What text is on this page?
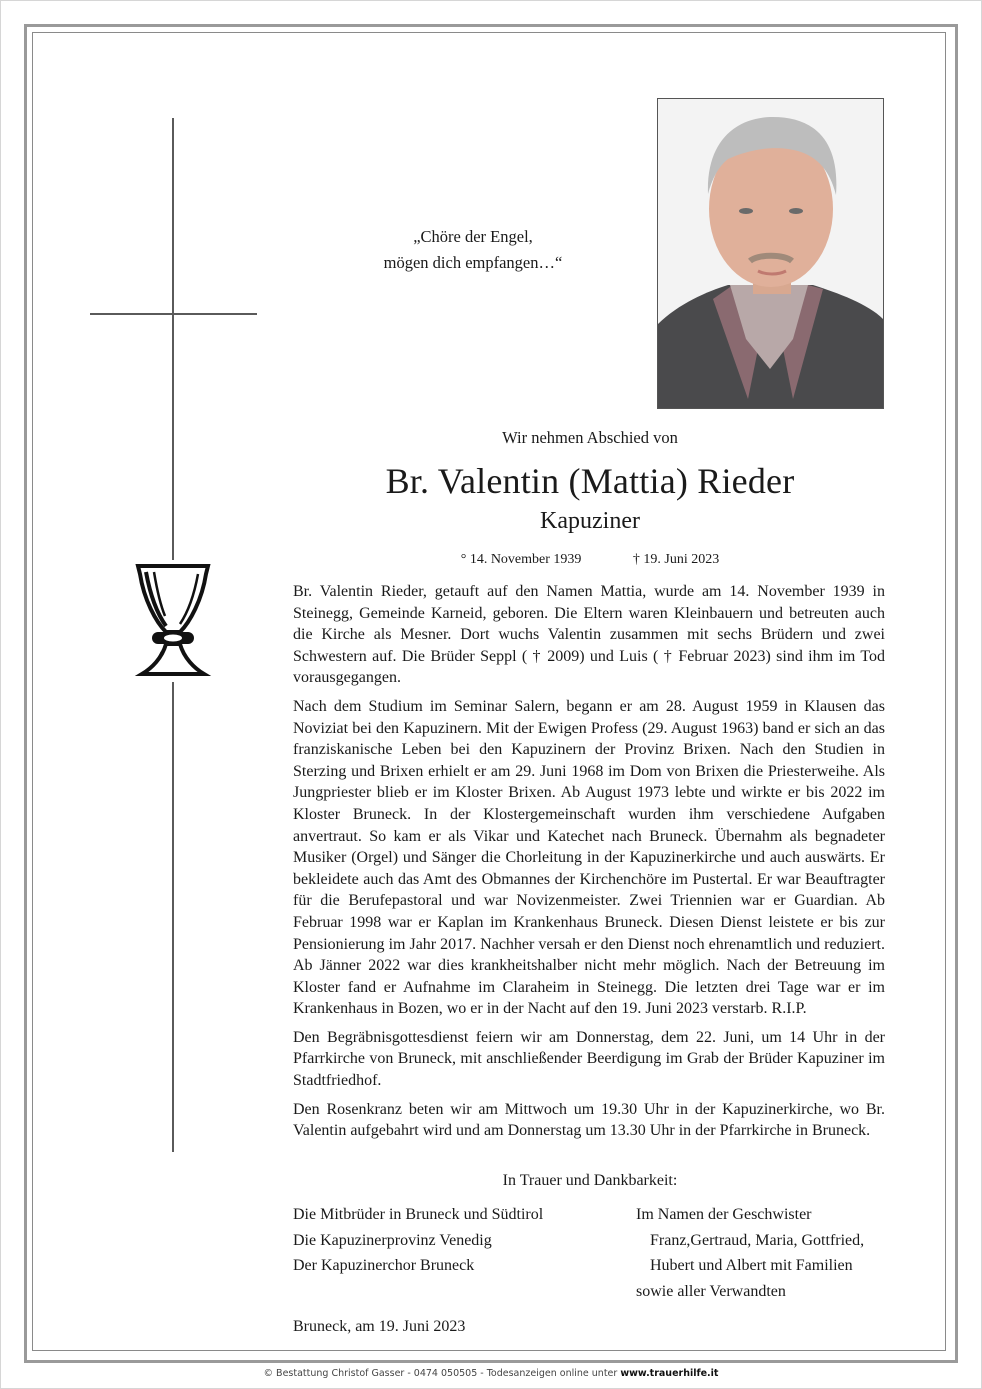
„Chöre der Engel,
mögen dich empfangen…“
Wir nehmen Abschied von
Br. Valentin (Mattia) Rieder
Kapuziner
° 14. November 1939	† 19. Juni 2023

Br. Valentin Rieder, getauft auf den Namen Mattia, wurde am 14. November 1939 in Steinegg, Gemeinde Karneid, geboren. Die Eltern waren Kleinbauern und betreuten auch die Kirche als Mesner. Dort wuchs Valentin zusammen mit sechs Brüdern und zwei Schwestern auf. Die Brüder Seppl ( † 2009) und Luis ( † Februar 2023) sind ihm im Tod vorausgegangen.

Nach dem Studium im Seminar Salern, begann er am 28. August 1959 in Klausen das Noviziat bei den Kapuzinern. Mit der Ewigen Profess (29. August 1963) band er sich an das franziskanische Leben bei den Kapuzinern der Provinz Brixen. Nach den Studien in Sterzing und Brixen erhielt er am 29. Juni 1968 im Dom von Brixen die Priesterweihe. Als Jungpriester blieb er im Kloster Brixen. Ab August 1973 lebte und wirkte er bis 2022 im Kloster Bruneck. In der Klostergemeinschaft wurden ihm verschiedene Aufgaben anvertraut. So kam er als Vikar und Katechet nach Bruneck. Übernahm als begnadeter Musiker (Orgel) und Sänger die Chorleitung in der Kapuzinerkirche und auch auswärts. Er bekleidete auch das Amt des Obmannes der Kirchenchöre im Pustertal. Er war Beauftragter für die Berufepastoral und war Novizenmeister. Zwei Triennien war er Guardian. Ab Februar 1998 war er Kaplan im Krankenhaus Bruneck. Diesen Dienst leistete er bis zur Pensionierung im Jahr 2017. Nachher versah er den Dienst noch ehrenamtlich und reduziert. Ab Jänner 2022 war dies krankheitshalber nicht mehr möglich. Nach der Betreuung im Kloster fand er Aufnahme im Claraheim in Steinegg. Die letzten drei Tage war er im Krankenhaus in Bozen, wo er in der Nacht auf den 19. Juni 2023 verstarb. R.I.P.

Den Begräbnisgottesdienst feiern wir am Donnerstag, dem 22. Juni, um 14 Uhr in der Pfarrkirche von Bruneck, mit anschließender Beerdigung im Grab der Brüder Kapuziner im Stadtfriedhof.

Den Rosenkranz beten wir am Mittwoch um 19.30 Uhr in der Kapuzinerkirche, wo Br. Valentin aufgebahrt wird und am Donnerstag um 13.30 Uhr in der Pfarrkirche in Bruneck.

In Trauer und Dankbarkeit:
Die Mitbrüder in Bruneck und Südtirol
Die Kapuzinerprovinz Venedig
Der Kapuzinerchor Bruneck
Im Namen der Geschwister
Franz,Gertraud, Maria, Gottfried,
Hubert und Albert mit Familien
sowie aller Verwandten
Bruneck, am 19. Juni 2023
© Bestattung Christof Gasser - 0474 050505 - Todesanzeigen online unter www.trauerhilfe.it
